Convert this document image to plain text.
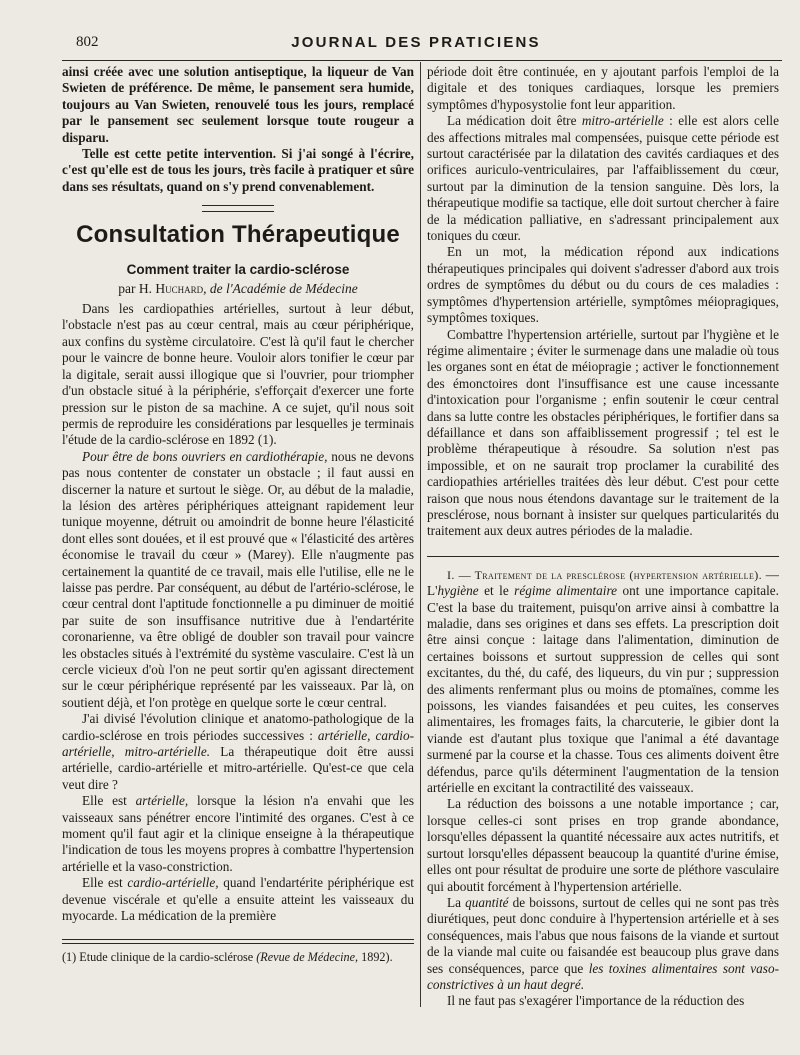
802	JOURNAL DES PRATICIENS

ainsi créée avec une solution antiseptique, la liqueur de Van Swieten de préférence. De même, le pansement sera humide, toujours au Van Swieten, renouvelé tous les jours, remplacé par le pansement sec seulement lorsque toute rougeur a disparu.

Telle est cette petite intervention. Si j'ai songé à l'écrire, c'est qu'elle est de tous les jours, très facile à pratiquer et sûre dans ses résultats, quand on s'y prend convenablement.

Consultation Thérapeutique
Comment traiter la cardio-sclérose
par H. Huchard, de l'Académie de Médecine

Dans les cardiopathies artérielles, surtout à leur début, l'obstacle n'est pas au cœur central, mais au cœur périphérique, aux confins du système circulatoire. C'est là qu'il faut le chercher pour le vaincre de bonne heure. Vouloir alors tonifier le cœur par la digitale, serait aussi illogique que si l'ouvrier, pour triompher d'un obstacle situé à la périphérie, s'efforçait d'exercer une forte pression sur le piston de sa machine. A ce sujet, qu'il nous soit permis de reproduire les considérations par lesquelles je terminais l'étude de la cardio-sclérose en 1892 (1).

Pour être de bons ouvriers en cardiothérapie, nous ne devons pas nous contenter de constater un obstacle ; il faut aussi en discerner la nature et surtout le siège. Or, au début de la maladie, la lésion des artères périphériques atteignant rapidement leur tunique moyenne, détruit ou amoindrit de bonne heure l'élasticité dont elles sont douées, et il est prouvé que « l'élasticité des artères économise le travail du cœur » (Marey). Elle n'augmente pas certainement la quantité de ce travail, mais elle l'utilise, elle ne le laisse pas perdre. Par conséquent, au début de l'artério-sclérose, le cœur central dont l'aptitude fonctionnelle a pu diminuer de moitié par suite de son insuffisance nutritive due à l'endartérite coronarienne, va être obligé de doubler son travail pour vaincre les obstacles situés à l'extrémité du système vasculaire. C'est là un cercle vicieux d'où l'on ne peut sortir qu'en agissant directement sur le cœur périphérique représenté par les vaisseaux. Par là, on soutient déjà, et l'on protège en quelque sorte le cœur central.

J'ai divisé l'évolution clinique et anatomo-pathologique de la cardio-sclérose en trois périodes successives : artérielle, cardio-artérielle, mitro-artérielle. La thérapeutique doit être aussi artérielle, cardio-artérielle et mitro-artérielle. Qu'est-ce que cela veut dire ?

Elle est artérielle, lorsque la lésion n'a envahi que les vaisseaux sans pénétrer encore l'intimité des organes. C'est à ce moment qu'il faut agir et la clinique enseigne à la thérapeutique l'indication de tous les moyens propres à combattre l'hypertension artérielle et la vaso-constriction.

Elle est cardio-artérielle, quand l'endartérite périphérique est devenue viscérale et qu'elle a ensuite atteint les vaisseaux du myocarde. La médication de la première

(1) Etude clinique de la cardio-sclérose (Revue de Médecine, 1892).

période doit être continuée, en y ajoutant parfois l'emploi de la digitale et des toniques cardiaques, lorsque les premiers symptômes d'hyposystolie font leur apparition.

La médication doit être mitro-artérielle : elle est alors celle des affections mitrales mal compensées, puisque cette période est surtout caractérisée par la dilatation des cavités cardiaques et des orifices auriculo-ventriculaires, par l'affaiblissement du cœur, surtout par la diminution de la tension sanguine. Dès lors, la thérapeutique modifie sa tactique, elle doit surtout chercher à faire de la médication palliative, en s'adressant principalement aux toniques du cœur.

En un mot, la médication répond aux indications thérapeutiques principales qui doivent s'adresser d'abord aux trois ordres de symptômes du début ou du cours de ces maladies : symptômes d'hypertension artérielle, symptômes méiopragiques, symptômes toxiques.

Combattre l'hypertension artérielle, surtout par l'hygiène et le régime alimentaire ; éviter le surmenage dans une maladie où tous les organes sont en état de méiopragie ; activer le fonctionnement des émonctoires dont l'insuffisance est une cause incessante d'intoxication pour l'organisme ; enfin soutenir le cœur central dans sa lutte contre les obstacles périphériques, le fortifier dans sa défaillance et dans son affaiblissement progressif ; tel est le problème thérapeutique à résoudre. Sa solution n'est pas impossible, et on ne saurait trop proclamer la curabilité des cardiopathies artérielles traitées dès leur début. C'est pour cette raison que nous nous étendons davantage sur le traitement de la presclérose, nous bornant à insister sur quelques particularités du traitement aux deux autres périodes de la maladie.

I. — Traitement de la presclérose (hypertension artérielle). — L'hygiène et le régime alimentaire ont une importance capitale. C'est la base du traitement, puisqu'on arrive ainsi à combattre la maladie, dans ses origines et dans ses effets. La prescription doit être ainsi conçue : laitage dans l'alimentation, diminution de certaines boissons et surtout suppression de celles qui sont excitantes, du thé, du café, des liqueurs, du vin pur ; suppression des aliments renfermant plus ou moins de ptomaïnes, comme les poissons, les viandes faisandées et peu cuites, les conserves alimentaires, les fromages faits, la charcuterie, le gibier dont la viande est d'autant plus toxique que l'animal a été davantage surmené par la course et la chasse. Tous ces aliments doivent être défendus, parce qu'ils déterminent l'augmentation de la tension artérielle en excitant la contractilité des vaisseaux.

La réduction des boissons a une notable importance ; car, lorsque celles-ci sont prises en trop grande abondance, lorsqu'elles dépassent la quantité nécessaire aux actes nutritifs, et surtout lorsqu'elles dépassent beaucoup la quantité d'urine émise, elles ont pour résultat de produire une sorte de pléthore vasculaire qui aboutit forcément à l'hypertension artérielle.

La quantité de boissons, surtout de celles qui ne sont pas très diurétiques, peut donc conduire à l'hypertension artérielle et à ses conséquences, mais l'abus que nous faisons de la viande et surtout de la viande mal cuite ou faisandée est beaucoup plus grave dans ses conséquences, parce que les toxines alimentaires sont vaso-constrictives à un haut degré.

Il ne faut pas s'exagérer l'importance de la réduction des
